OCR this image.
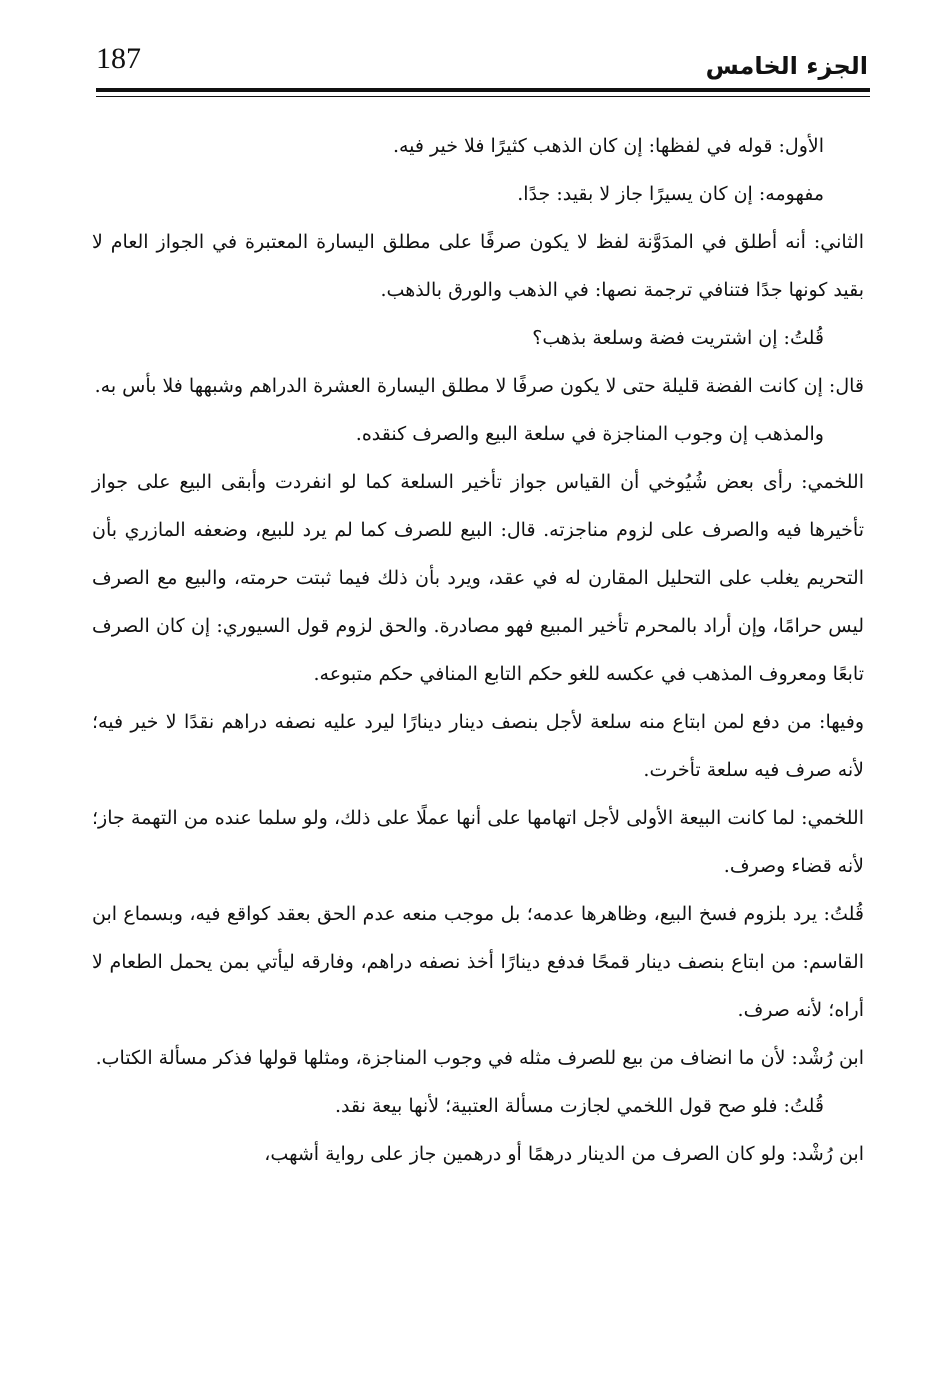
187	الجزء الخامس

الأول: قوله في لفظها: إن كان الذهب كثيرًا فلا خير فيه.

مفهومه: إن كان يسيرًا جاز لا بقيد: جدًا.

الثاني: أنه أطلق في المدَوَّنة لفظ لا يكون صرفًا على مطلق اليسارة المعتبرة في الجواز العام لا بقيد كونها جدًا فتنافي ترجمة نصها: في الذهب والورق بالذهب.

قُلتُ: إن اشتريت فضة وسلعة بذهب؟

قال: إن كانت الفضة قليلة حتى لا يكون صرفًا لا مطلق اليسارة العشرة الدراهم وشبهها فلا بأس به.

والمذهب إن وجوب المناجزة في سلعة البيع والصرف كنقده.

اللخمي: رأى بعض شُيُوخي أن القياس جواز تأخير السلعة كما لو انفردت وأبقى البيع على جواز تأخيرها فيه والصرف على لزوم مناجزته. قال: البيع للصرف كما لم يرد للبيع، وضعفه المازري بأن التحريم يغلب على التحليل المقارن له في عقد، ويرد بأن ذلك فيما ثبتت حرمته، والبيع مع الصرف ليس حرامًا، وإن أراد بالمحرم تأخير المبيع فهو مصادرة. والحق لزوم قول السيوري: إن كان الصرف تابعًا ومعروف المذهب في عكسه للغو حكم التابع المنافي حكم متبوعه.

وفيها: من دفع لمن ابتاع منه سلعة لأجل بنصف دينار دينارًا ليرد عليه نصفه دراهم نقدًا لا خير فيه؛ لأنه صرف فيه سلعة تأخرت.

اللخمي: لما كانت البيعة الأولى لأجل اتهامها على أنها عملًا على ذلك، ولو سلما عنده من التهمة جاز؛ لأنه قضاء وصرف.

قُلتُ: يرد بلزوم فسخ البيع، وظاهرها عدمه؛ بل موجب منعه عدم الحق بعقد كواقع فيه، وبسماع ابن القاسم: من ابتاع بنصف دينار قمحًا فدفع دينارًا أخذ نصفه دراهم، وفارقه ليأتي بمن يحمل الطعام لا أراه؛ لأنه صرف.

ابن رُشْد: لأن ما انضاف من بيع للصرف مثله في وجوب المناجزة، ومثلها قولها فذكر مسألة الكتاب.

قُلتُ: فلو صح قول اللخمي لجازت مسألة العتبية؛ لأنها بيعة نقد.

ابن رُشْد: ولو كان الصرف من الدينار درهمًا أو درهمين جاز على رواية أشهب،
